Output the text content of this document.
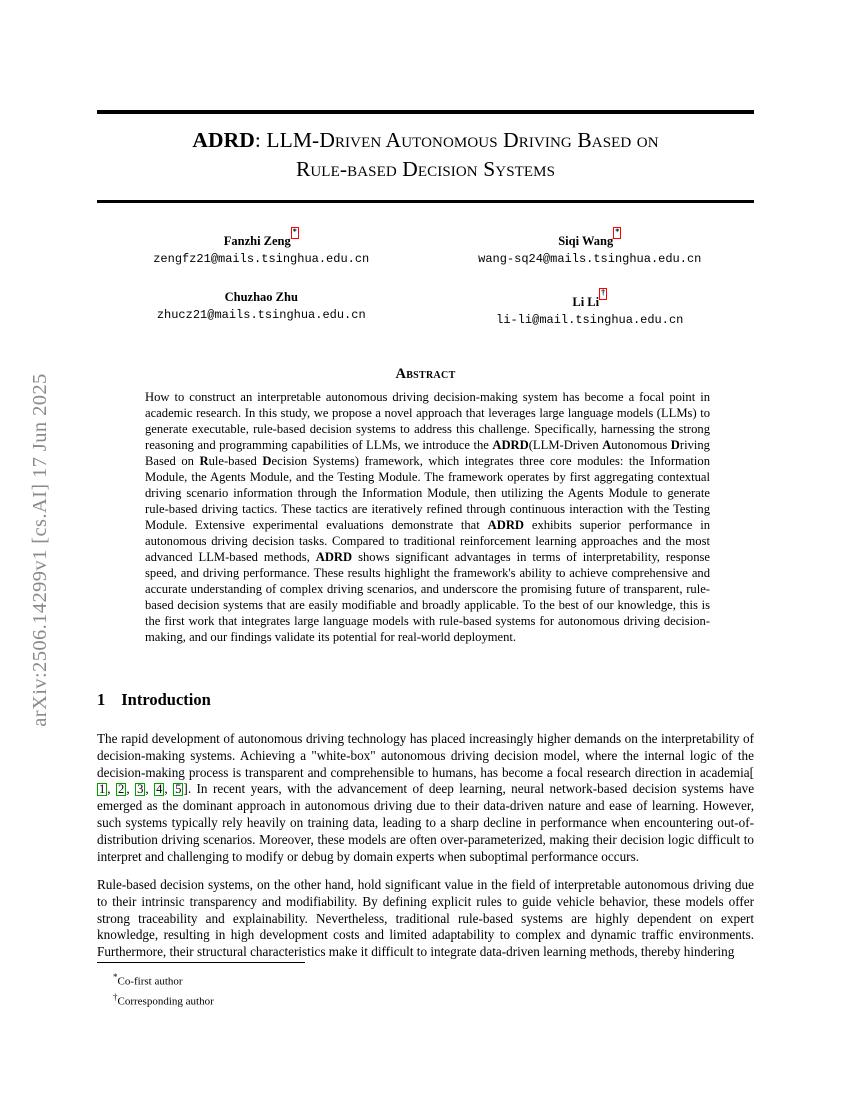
arXiv:2506.14299v1 [cs.AI] 17 Jun 2025
ADRD: LLM-Driven Autonomous Driving Based on
Rule-based Decision Systems
Fanzhi Zeng*
zengfz21@mails.tsinghua.edu.cn
Siqi Wang*
wang-sq24@mails.tsinghua.edu.cn
Chuzhao Zhu
zhucz21@mails.tsinghua.edu.cn
Li Li†
li-li@mail.tsinghua.edu.cn
Abstract
How to construct an interpretable autonomous driving decision-making system has become a focal point in academic research. In this study, we propose a novel approach that leverages large language models (LLMs) to generate executable, rule-based decision systems to address this challenge. Specifically, harnessing the strong reasoning and programming capabilities of LLMs, we introduce the ADRD(LLM-Driven Autonomous Driving Based on Rule-based Decision Systems) framework, which integrates three core modules: the Information Module, the Agents Module, and the Testing Module. The framework operates by first aggregating contextual driving scenario information through the Information Module, then utilizing the Agents Module to generate rule-based driving tactics. These tactics are iteratively refined through continuous interaction with the Testing Module. Extensive experimental evaluations demonstrate that ADRD exhibits superior performance in autonomous driving decision tasks. Compared to traditional reinforcement learning approaches and the most advanced LLM-based methods, ADRD shows significant advantages in terms of interpretability, response speed, and driving performance. These results highlight the framework's ability to achieve comprehensive and accurate understanding of complex driving scenarios, and underscore the promising future of transparent, rule-based decision systems that are easily modifiable and broadly applicable. To the best of our knowledge, this is the first work that integrates large language models with rule-based systems for autonomous driving decision-making, and our findings validate its potential for real-world deployment.
1 Introduction
The rapid development of autonomous driving technology has placed increasingly higher demands on the interpretability of decision-making systems. Achieving a "white-box" autonomous driving decision model, where the internal logic of the decision-making process is transparent and comprehensible to humans, has become a focal research direction in academia[1 , 2 , 3 , 4 , 5 ]. In recent years, with the advancement of deep learning, neural network-based decision systems have emerged as the dominant approach in autonomous driving due to their data-driven nature and ease of learning. However, such systems typically rely heavily on training data, leading to a sharp decline in performance when encountering out-of-distribution driving scenarios. Moreover, these models are often over-parameterized, making their decision logic difficult to interpret and challenging to modify or debug by domain experts when suboptimal performance occurs.
Rule-based decision systems, on the other hand, hold significant value in the field of interpretable autonomous driving due to their intrinsic transparency and modifiability. By defining explicit rules to guide vehicle behavior, these models offer strong traceability and explainability. Nevertheless, traditional rule-based systems are highly dependent on expert knowledge, resulting in high development costs and limited adaptability to complex and dynamic traffic environments. Furthermore, their structural characteristics make it difficult to integrate data-driven learning methods, thereby hindering
*Co-first author
†Corresponding author
